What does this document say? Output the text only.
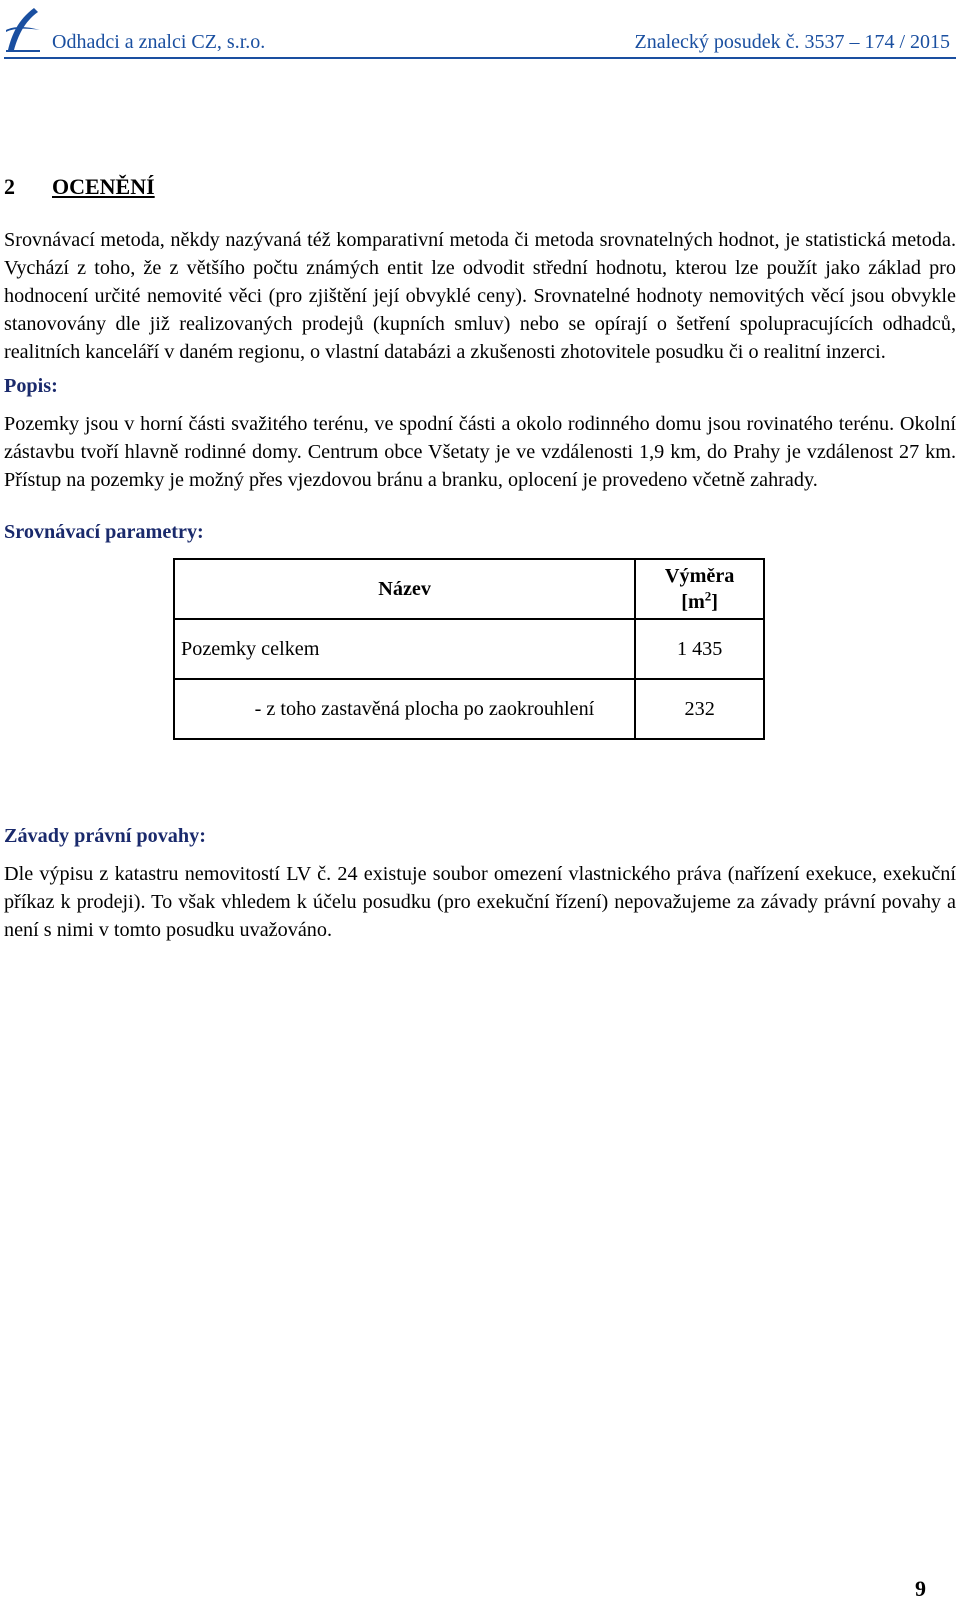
Odhadci a znalci CZ, s.r.o.	Znalecký posudek č. 3537 – 174 / 2015
2 OCENĚNÍ

Srovnávací metoda, někdy nazývaná též komparativní metoda či metoda srovnatelných hodnot, je statistická metoda. Vychází z toho, že z většího počtu známých entit lze odvodit střední hodnotu, kterou lze použít jako základ pro hodnocení určité nemovité věci (pro zjištění její obvyklé ceny). Srovnatelné hodnoty nemovitých věcí jsou obvykle stanovovány dle již realizovaných prodejů (kupních smluv) nebo se opírají o šetření spolupracujících odhadců, realitních kanceláří v daném regionu, o vlastní databázi a zkušenosti zhotovitele posudku či o realitní inzerci.

Popis:

Pozemky jsou v horní části svažitého terénu, ve spodní části a okolo rodinného domu jsou rovinatého terénu. Okolní zástavbu tvoří hlavně rodinné domy. Centrum obce Všetaty je ve vzdálenosti 1,9 km, do Prahy je vzdálenost 27 km. Přístup na pozemky je možný přes vjezdovou bránu a branku, oplocení je provedeno včetně zahrady.

Srovnávací parametry:
Název	Výměra
$[m^2]$
Pozemky celkem	1 435
- z toho zastavěná plocha po zaokrouhlení	232
Závady právní povahy:

Dle výpisu z katastru nemovitostí LV č. 24 existuje soubor omezení vlastnického práva (nařízení exekuce, exekuční příkaz k prodeji). To však vhledem k účelu posudku (pro exekuční řízení) nepovažujeme za závady právní povahy a není s nimi v tomto posudku uvažováno.

9
